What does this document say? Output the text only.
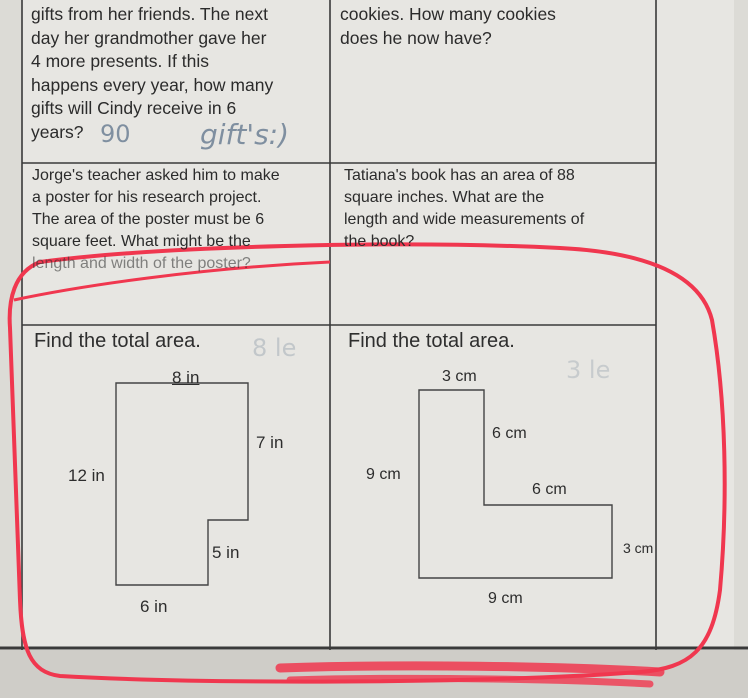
gifts from her friends. The next
day her grandmother gave her
4 more presents. If this
happens every year, how many
gifts will Cindy receive in 6
years? 90 gift's:)
cookies. How many cookies
does he now have?
Jorge's teacher asked him to make
a poster for his research project.
The area of the poster must be 6
square feet. What might be the
length and width of the poster?
Tatiana's book has an area of 88
square inches. What are the
length and wide measurements of
the book?
Find the total area. 8 le
8 in
7 in
12 in
5 in
6 in
Find the total area.
3 le
3 cm
6 cm
9 cm
6 cm
3 cm
9 cm
